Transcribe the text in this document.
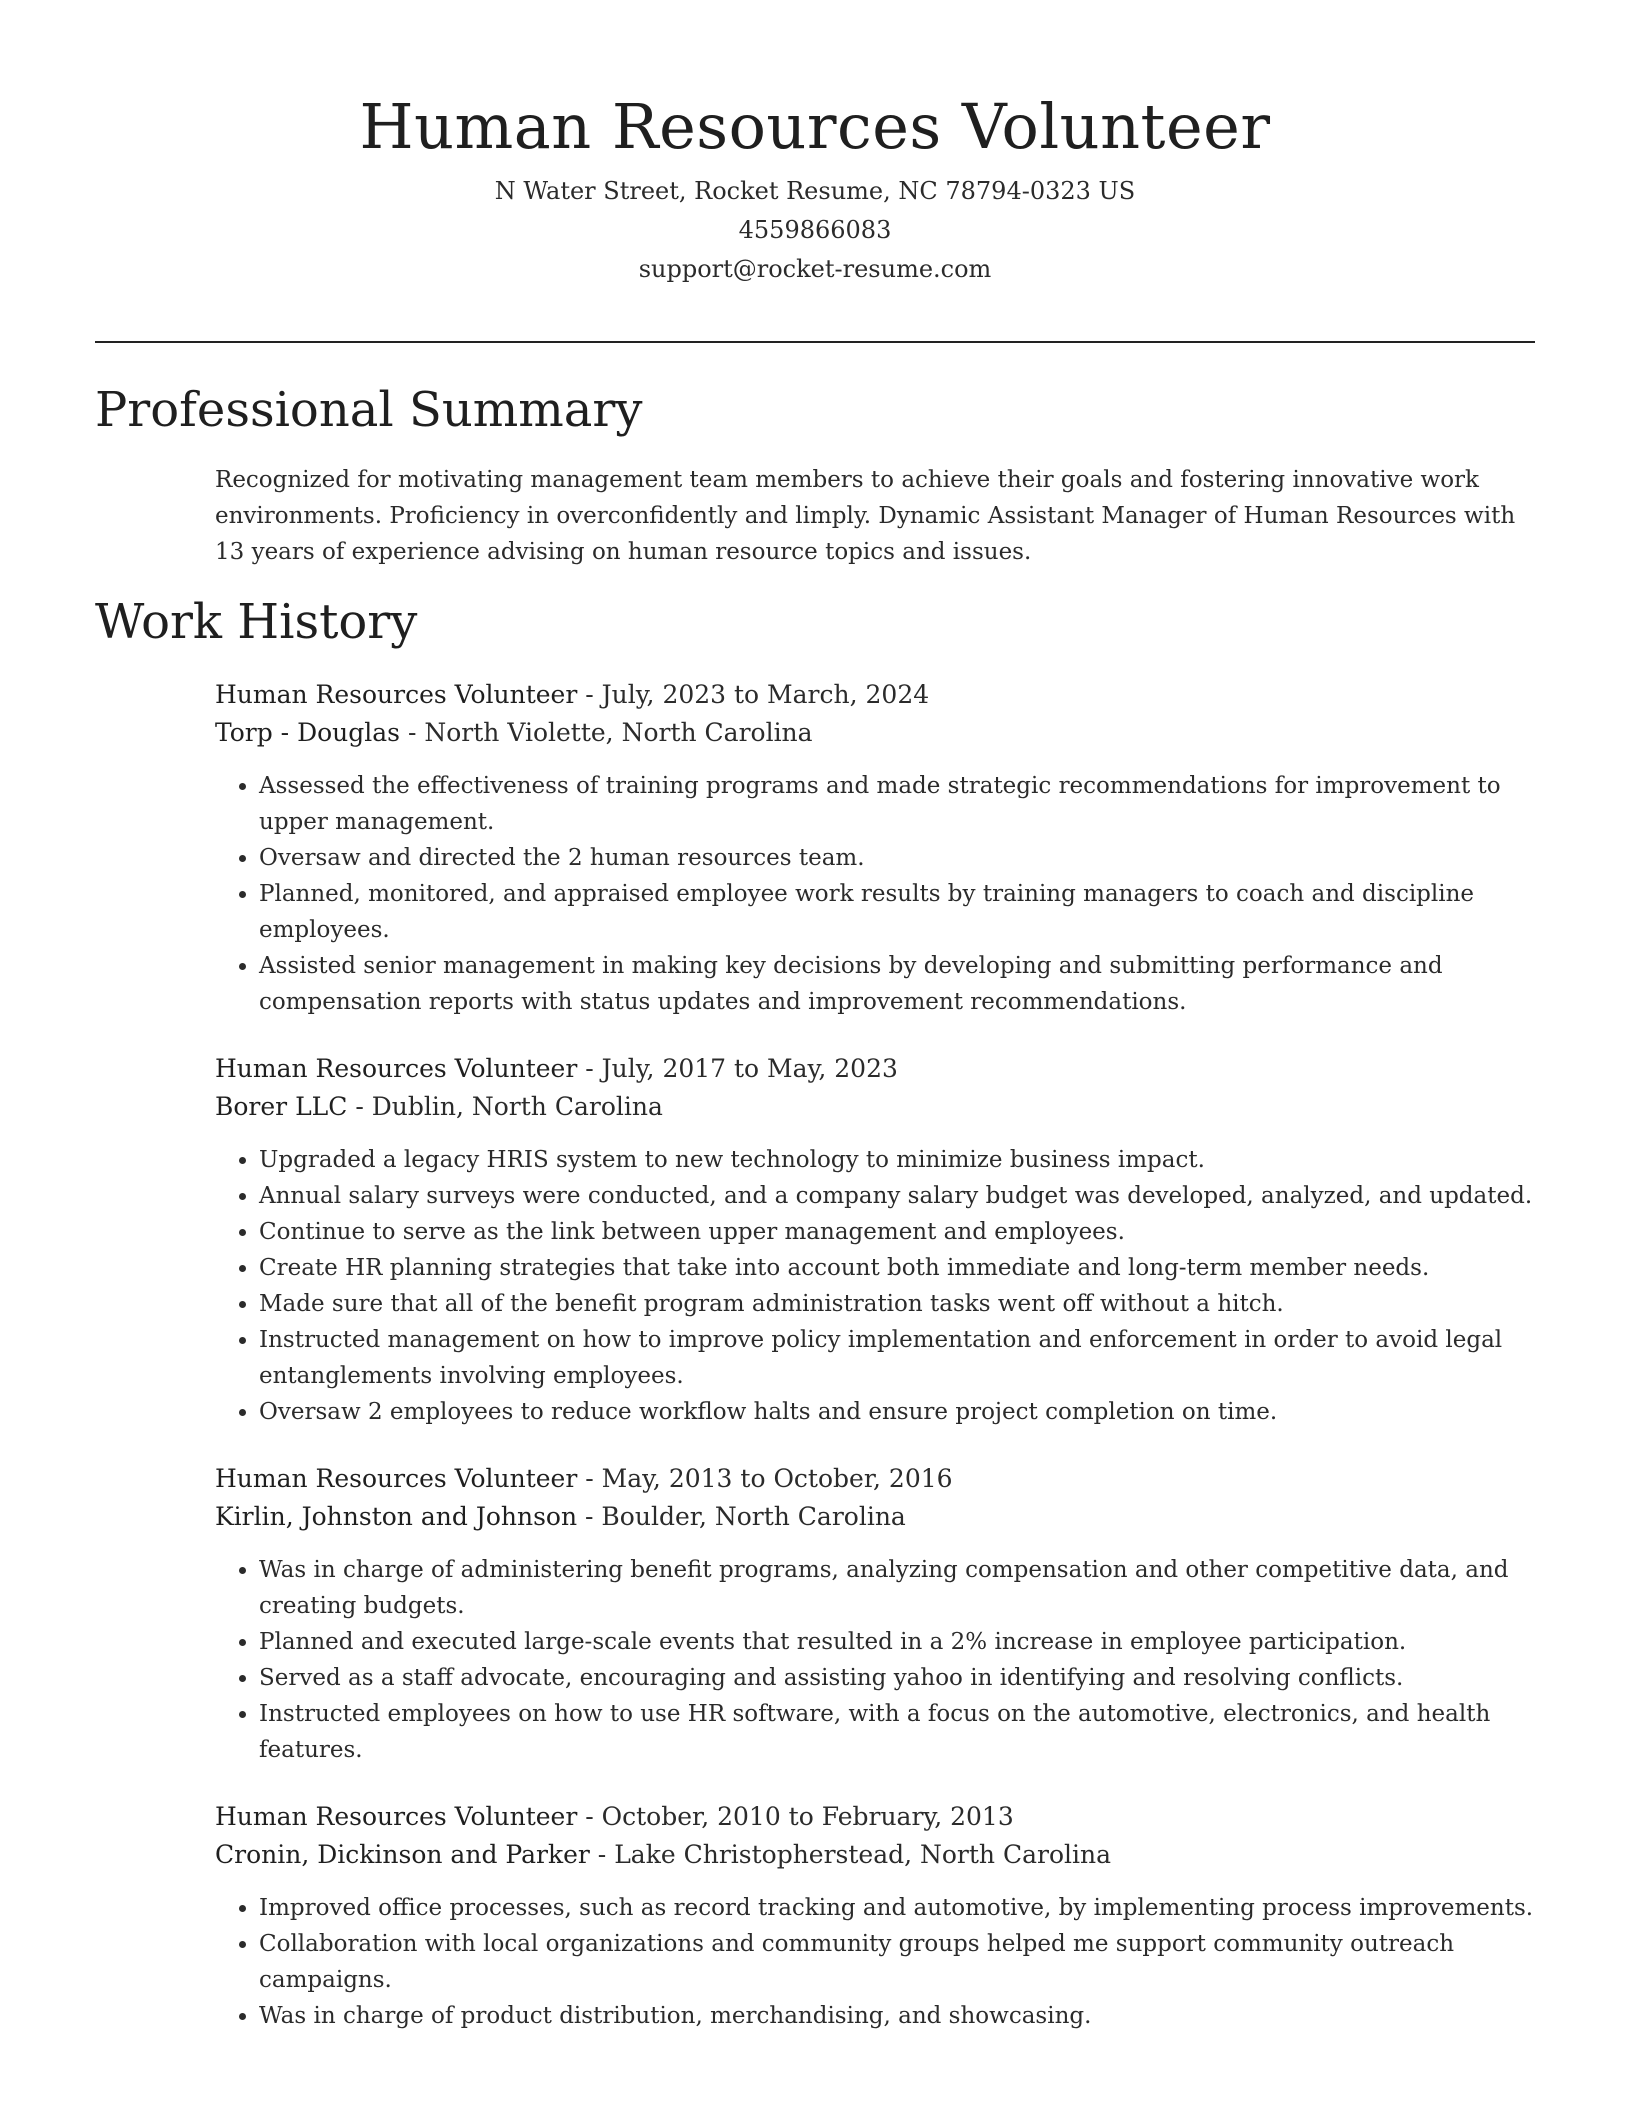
Human Resources Volunteer
N Water Street, Rocket Resume, NC 78794-0323 US
4559866083
support@rocket-resume.com
Professional Summary
Recognized for motivating management team members to achieve their goals and fostering innovative work environments. Proficiency in overconfidently and limply. Dynamic Assistant Manager of Human Resources with 13 years of experience advising on human resource topics and issues.
Work History
Human Resources Volunteer - July, 2023 to March, 2024
Torp - Douglas - North Violette, North Carolina
• Assessed the effectiveness of training programs and made strategic recommendations for improvement to upper management.
• Oversaw and directed the 2 human resources team.
• Planned, monitored, and appraised employee work results by training managers to coach and discipline employees.
• Assisted senior management in making key decisions by developing and submitting performance and compensation reports with status updates and improvement recommendations.
Human Resources Volunteer - July, 2017 to May, 2023
Borer LLC - Dublin, North Carolina
• Upgraded a legacy HRIS system to new technology to minimize business impact.
• Annual salary surveys were conducted, and a company salary budget was developed, analyzed, and updated.
• Continue to serve as the link between upper management and employees.
• Create HR planning strategies that take into account both immediate and long-term member needs.
• Made sure that all of the benefit program administration tasks went off without a hitch.
• Instructed management on how to improve policy implementation and enforcement in order to avoid legal entanglements involving employees.
• Oversaw 2 employees to reduce workflow halts and ensure project completion on time.
Human Resources Volunteer - May, 2013 to October, 2016
Kirlin, Johnston and Johnson - Boulder, North Carolina
• Was in charge of administering benefit programs, analyzing compensation and other competitive data, and creating budgets.
• Planned and executed large-scale events that resulted in a 2% increase in employee participation.
• Served as a staff advocate, encouraging and assisting yahoo in identifying and resolving conflicts.
• Instructed employees on how to use HR software, with a focus on the automotive, electronics, and health features.
Human Resources Volunteer - October, 2010 to February, 2013
Cronin, Dickinson and Parker - Lake Christopherstead, North Carolina
• Improved office processes, such as record tracking and automotive, by implementing process improvements.
• Collaboration with local organizations and community groups helped me support community outreach campaigns.
• Was in charge of product distribution, merchandising, and showcasing.
